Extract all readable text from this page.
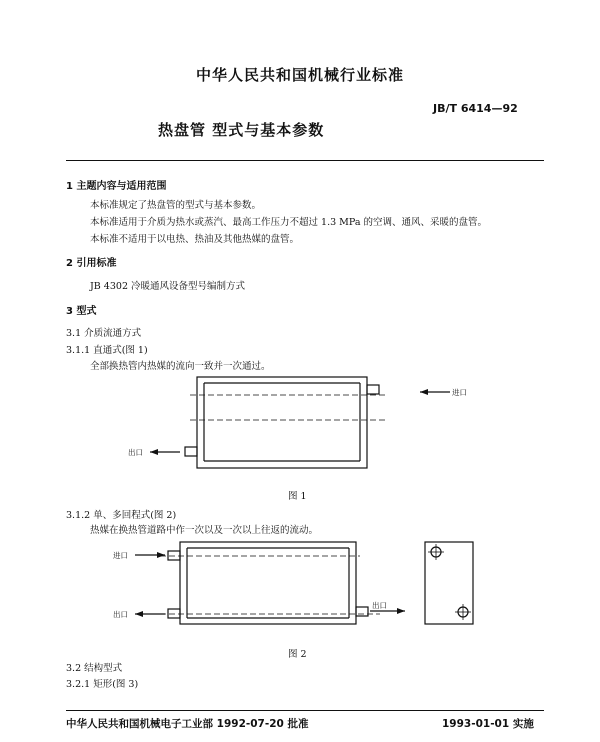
中华人民共和国机械行业标准
JB/T 6414—92
热盘管 型式与基本参数
1 主题内容与适用范围
本标准规定了热盘管的型式与基本参数。
本标准适用于介质为热水或蒸汽、最高工作压力不超过 1.3 MPa 的空调、通风、采暖的盘管。
本标准不适用于以电热、热油及其他热媒的盘管。
2 引用标准
JB 4302 冷暖通风设备型号编制方式
3 型式
3.1 介质流通方式
3.1.1 直通式(图 1)
全部换热管内热媒的流向一致并一次通过。
进口
出口
图 1
3.1.2 单、多回程式(图 2)
热媒在换热管道路中作一次以及一次以上往返的流动。
进口
出口
出口
图 2
3.2 结构型式
3.2.1 矩形(图 3)
中华人民共和国机械电子工业部 1992-07-20 批准	1993-01-01 实施
